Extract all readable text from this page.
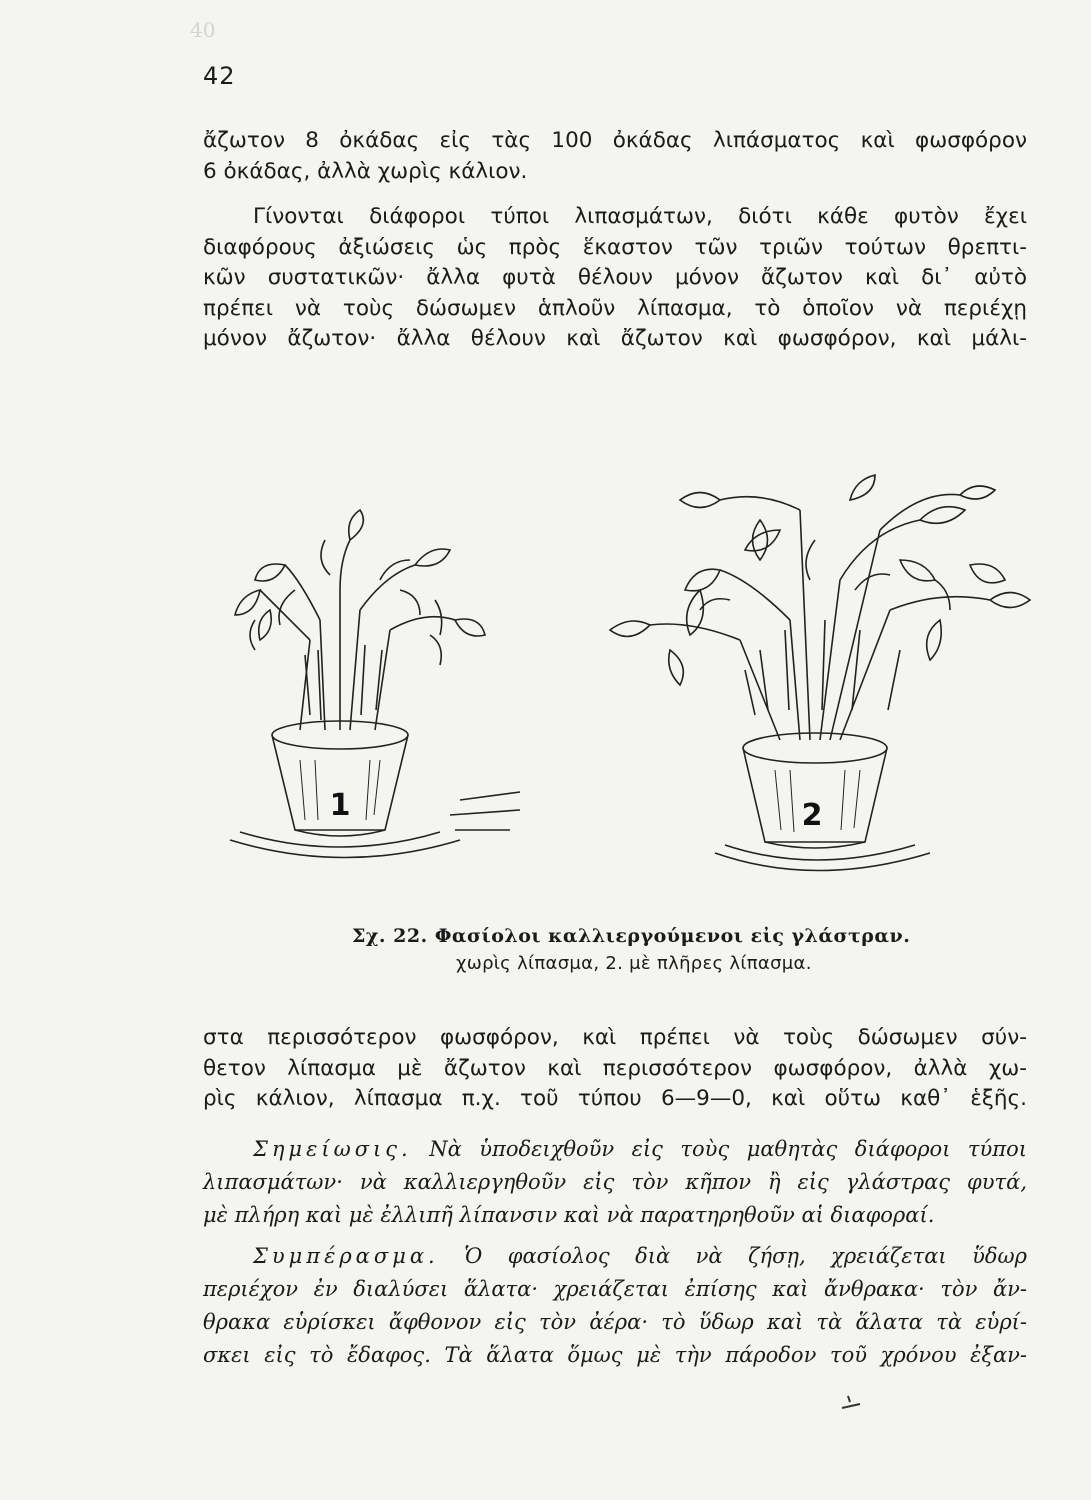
40
42
ἄζωτον 8 ὀκάδας εἰς τὰς 100 ὀκάδας λιπάσματος καὶ φωσφόρον
6 ὀκάδας, ἀλλὰ χωρὶς κάλιον.
Γίνονται διάφοροι τύποι λιπασμάτων, διότι κάθε φυτὸν ἔχει
διαφόρους ἀξιώσεις ὡς πρὸς ἕκαστον τῶν τριῶν τούτων θρεπτι-
κῶν συστατικῶν· ἄλλα φυτὰ θέλουν μόνον ἄζωτον καὶ δι᾽ αὐτὸ
πρέπει νὰ τοὺς δώσωμεν ἁπλοῦν λίπασμα, τὸ ὁποῖον νὰ περιέχῃ
μόνον ἄζωτον· ἄλλα θέλουν καὶ ἄζωτον καὶ φωσφόρον, καὶ μάλι-
1	2
Σχ. 22. Φασίολοι καλλιεργούμενοι εἰς γλάστραν.
χωρὶς λίπασμα, 2. μὲ πλῆρες λίπασμα.
στα περισσότερον φωσφόρον, καὶ πρέπει νὰ τοὺς δώσωμεν σύν-
θετον λίπασμα μὲ ἄζωτον καὶ περισσότερον φωσφόρον, ἀλλὰ χω-
ρὶς κάλιον, λίπασμα π.χ. τοῦ τύπου 6—9—0, καὶ οὕτω καθ᾽ ἑξῆς.
Σημείωσις. Νὰ ὑποδειχθοῦν εἰς τοὺς μαθητὰς διάφοροι τύποι
λιπασμάτων· νὰ καλλιεργηθοῦν εἰς τὸν κῆπον ἢ εἰς γλάστρας φυτά,
μὲ πλήρη καὶ μὲ ἐλλιπῆ λίπανσιν καὶ νὰ παρατηρηθοῦν αἱ διαφοραί.
Συμπέρασμα. Ὁ φασίολος διὰ νὰ ζήσῃ, χρειάζεται ὕδωρ
περιέχον ἐν διαλύσει ἅλατα· χρειάζεται ἐπίσης καὶ ἄνθρακα· τὸν ἄν-
θρακα εὑρίσκει ἄφθονον εἰς τὸν ἀέρα· τὸ ὕδωρ καὶ τὰ ἅλατα τὰ εὑρί-
σκει εἰς τὸ ἔδαφος. Τὰ ἅλατα ὅμως μὲ τὴν πάροδον τοῦ χρόνου ἐξαν-
